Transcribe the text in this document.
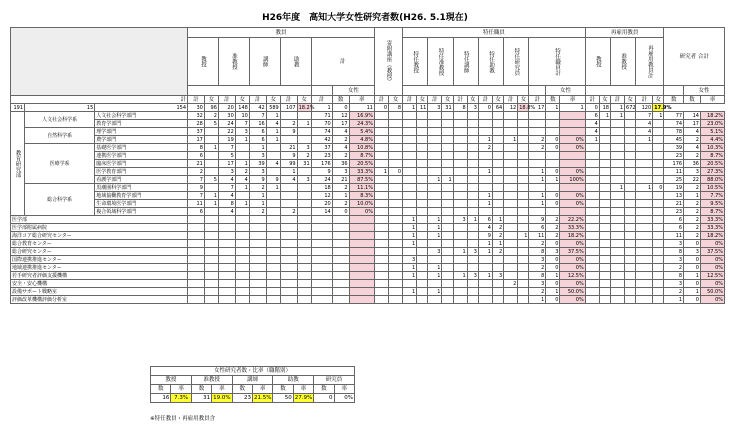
H26年度　高知大学女性研究者数(H26. 5.1現在)
			教員											寄附講座（教授）		特任職員													再雇用教員						研究者 合計		
			教授		准教授		講師		助教		計					特任教授		特任准教授		特任講師		特任助教		特任研究員		特任職員計			教授		准教授		再雇用教員計				
												女性															女性									女性	
計			計	女	計	女	計	女	計	女	計	数	率	計	女	計	女	計	女	計	女	計	女	計	女	計	数	率	計	女	計	女	計	女	数	数	率
191	15	154	30	96	20	148	42	589	107	18.2%	1	0	11	0	8	1	11	3	31	8	3	0	64	12	18.8%	17	1	1	0	18	1	672	120	17.9%			
教育研究部	人文社会科学系	人文社会科学部門	32	2	30	10	7	1			71	12	16.9%																6	1	1		7	1	77	14	18.2%
		教育学部門	28	5	24	7	16	4	2	1	70	17	24.3%																4				4		74	17	23.0%
	自然科学系	理学部門	37		22	3	6	1	9		74	4	5.4%																4				4		78	4	5.1%
		農学部門	17		19	1	6	1			42	2	4.8%									1		1		2	0	0%	1				1		45	2	4.4%
	医療学系	基礎医学部門	8	1	7		1		21	3	37	4	10.8%									2				2	0	0%							39	4	10.3%
		連携医学部門	6		5		3		9	2	23	2	8.7%																						23	2	8.7%
		臨床医学部門	21		17	1	39	4	99	31	176	36	20.5%																						176	36	20.5%
		医学教育部門	2		3	2	3		1		9	3	33.3%	1	0							1				1	0	0%							11	3	27.3%
		看護学部門	7	5	4	4	9	9	4	3	24	21	87.5%					1	1							1	1	100%							25	22	88.0%
	総合科学系	黒潮圏科学部門	9		7	1	2	1			18	2	11.1%																		1		1	0	19	2	10.5%
		地域協働教育学部門	7	1	4		1				12	1	8.3%									1				1	0	0%							13	1	7.7%
		生命環境医学部門	11	1	8	1	1				20	2	10.0%									1				1	0	0%							21	2	9.5%
		複合領域科学部門	6		4		2		2		14	0	0%																						23	2	8.7%
医学部																1		1		3	1	6	1			9	2	22.2%							6	2	33.3%
医学部附属病院																1		1				4	2			6	2	33.3%							6	2	33.3%
海洋コア総合研究センター																1		1				9	2		1	11	2	18.2%							11	2	18.2%
総合教育センター																1						1	1			2	0	0%							3	0	0%
総合研究センター																		3		1	3	1	2			8	3	37.5%							8	3	37.5%
国際連携推進センター																3										3	0	0%							3	0	0%
地域連携推進センター																1		1								2	0	0%							2	0	0%
若手研究者評価支援機構																1		1		1	3	1	3			8	1	12.5%							8	1	12.5%
安全・安心機構																								2		3	0	0%							3	0	0%
設備サポート戦略室																1		1								2	1	50.0%							2	1	50.0%
評価改革機構評価分析室																										1	0	0%							1	0	0%
女性研究者数・比率（職階別）									
教授		准教授		講師		助教		研究員	
数	率	数	率	数	率	数	率	数	率
16	7.3%	31	19.0%	23	21.5%	50	27.9%	0	0%
※特任教員・再雇用教員含
